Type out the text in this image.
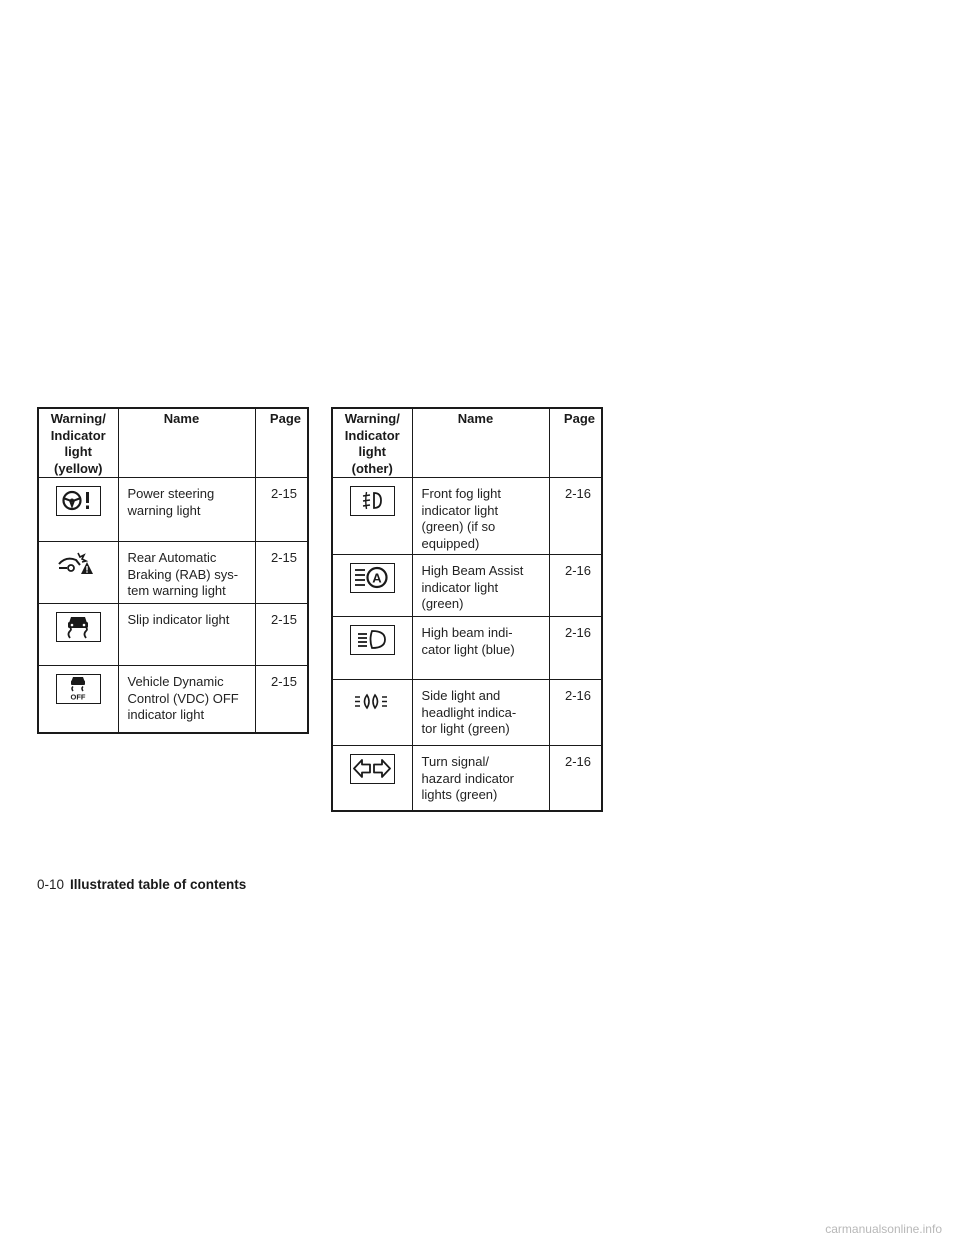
Warning/
Indicator
light
(yellow)	Name	Page

	Power steering
warning light	2-15

	Rear Automatic
Braking (RAB) sys-
tem warning light	2-15

	Slip indicator light	2-15

OFF	Vehicle Dynamic
Control (VDC) OFF
indicator light	2-15
Warning/
Indicator
light
(other)	Name	Page

	Front fog light
indicator light
(green) (if so
equipped)	2-16

A	High Beam Assist
indicator light
(green)	2-16

	High beam indi-
cator light (blue)	2-16

	Side light and
headlight indica-
tor light (green)	2-16

	Turn signal/
hazard indicator
lights (green)	2-16
0-10 Illustrated table of contents
carmanualsonline.info
